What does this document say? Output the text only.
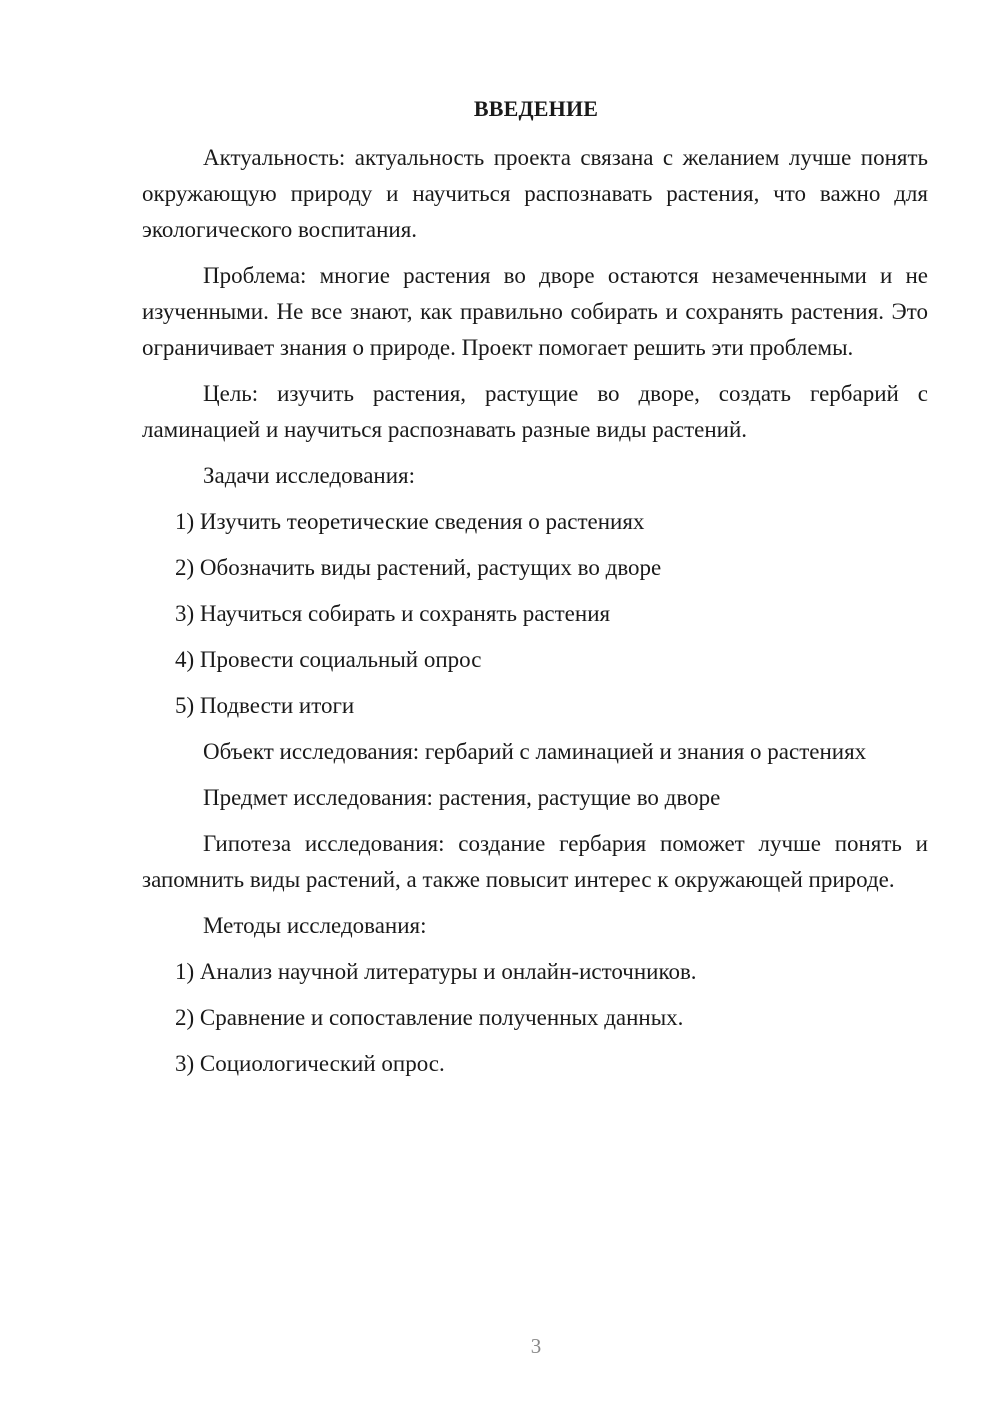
ВВЕДЕНИЕ

Актуальность: актуальность проекта связана с желанием лучше понять окружающую природу и научиться распознавать растения, что важно для экологического воспитания.

Проблема: многие растения во дворе остаются незамеченными и не изученными. Не все знают, как правильно собирать и сохранять растения. Это ограничивает знания о природе. Проект помогает решить эти проблемы.

Цель: изучить растения, растущие во дворе, создать гербарий с ламинацией и научиться распознавать разные виды растений.

Задачи исследования:

1) Изучить теоретические сведения о растениях
2) Обозначить виды растений, растущих во дворе
3) Научиться собирать и сохранять растения
4) Провести социальный опрос
5) Подвести итоги

Объект исследования: гербарий с ламинацией и знания о растениях

Предмет исследования: растения, растущие во дворе

Гипотеза исследования: создание гербария поможет лучше понять и запомнить виды растений, а также повысит интерес к окружающей природе.

Методы исследования:

1) Анализ научной литературы и онлайн-источников.
2) Сравнение и сопоставление полученных данных.
3) Социологический опрос.
3
